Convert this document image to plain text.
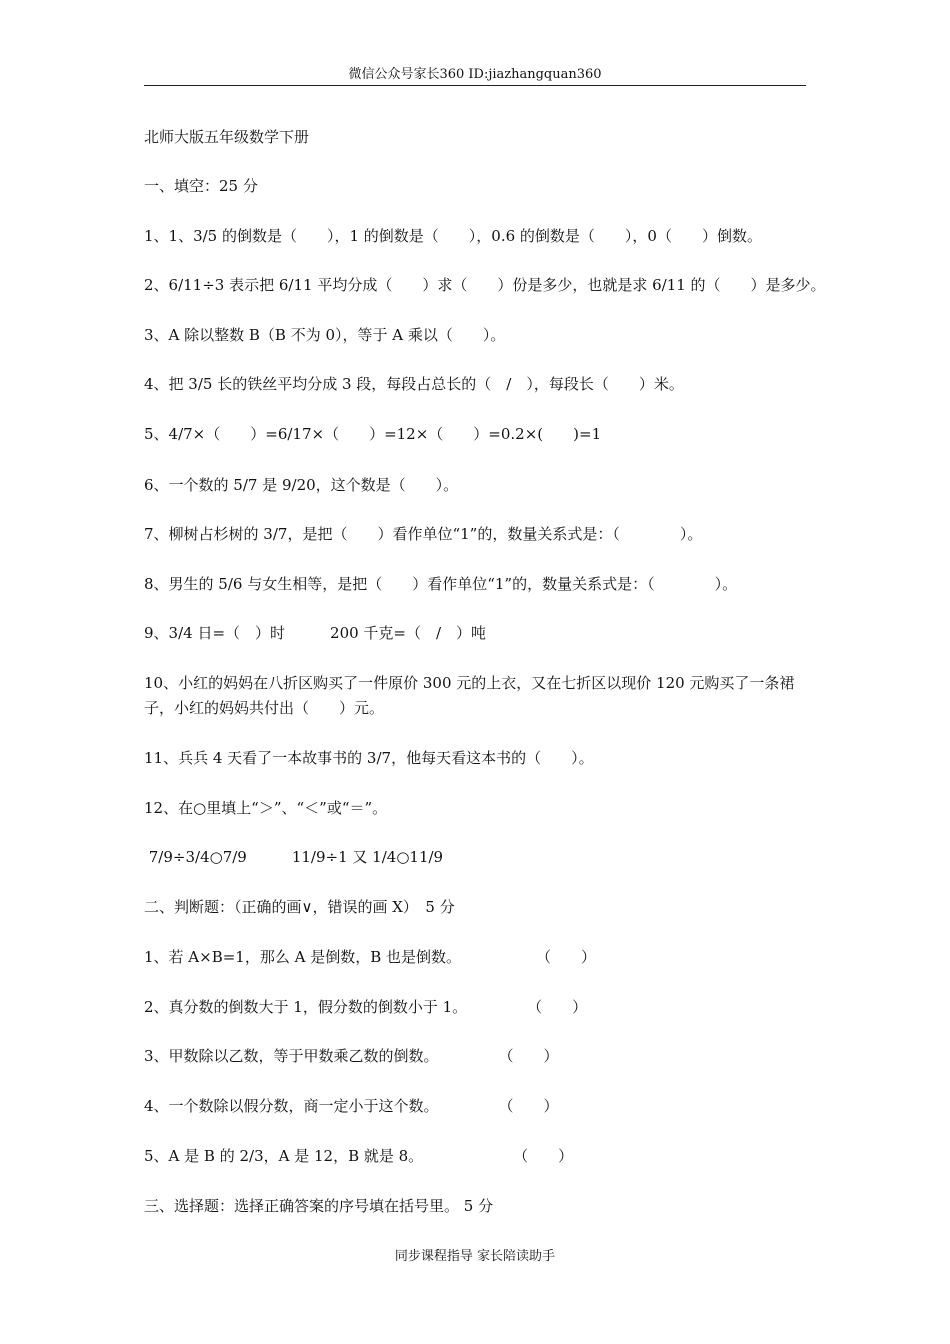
微信公众号家长360 ID:jiazhangquan360
北师大版五年级数学下册
一、填空：25 分
1、1、3/5 的倒数是（　　），1 的倒数是（　　），0.6 的倒数是（　　），0（　　）倒数。
2、6/11÷3 表示把 6/11 平均分成（　　）求（　　）份是多少，也就是求 6/11 的（　　）是多少。
3、A 除以整数 B（B 不为 0），等于 A 乘以（　　）。
4、把 3/5 长的铁丝平均分成 3 段，每段占总长的（　/　），每段长（　　）米。
5、4/7×（　　）=6/17×（　　）=12×（　　）=0.2×(　　)=1
6、一个数的 5/7 是 9/20，这个数是（　　）。
7、柳树占杉树的 3/7，是把（　　）看作单位“1”的，数量关系式是：（　　　　）。
8、男生的 5/6 与女生相等，是把（　　）看作单位“1”的，数量关系式是：（　　　　）。
9、3/4 日=（　）时　　　200 千克=（　/　）吨
10、小红的妈妈在八折区购买了一件原价 300 元的上衣，又在七折区以现价 120 元购买了一条裙子，小红的妈妈共付出（　　）元。
11、兵兵 4 天看了一本故事书的 3/7，他每天看这本书的（　　）。
12、在○里填上“＞”、“＜”或“＝”。
7/9÷3/4○7/9　　　11/9÷1 又 1/4○11/9
二、判断题：（正确的画∨，错误的画 X）　5 分
1、若 A×B=1，那么 A 是倒数，B 也是倒数。　　　　　　（　　）
2、真分数的倒数大于 1，假分数的倒数小于 1。　　　　　（　　）
3、甲数除以乙数，等于甲数乘乙数的倒数。　　　　　（　　）
4、一个数除以假分数，商一定小于这个数。　　　　　（　　）
5、A 是 B 的 2/3，A 是 12，B 就是 8。　　　　　　　（　　）
三、选择题：选择正确答案的序号填在括号里。 5 分
同步课程指导 家长陪读助手
